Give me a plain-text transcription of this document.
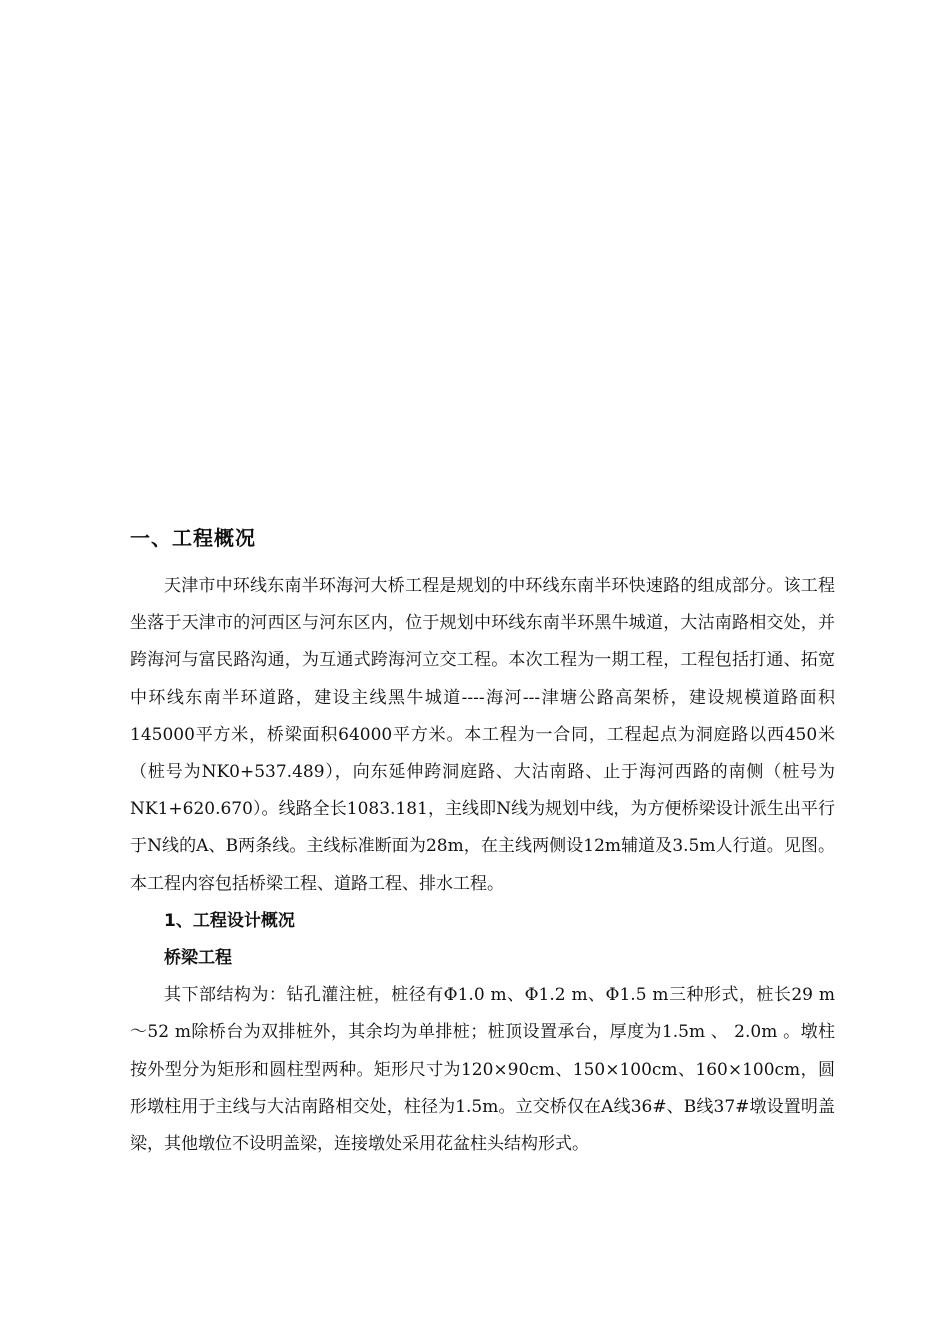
一、工程概况

天津市中环线东南半环海河大桥工程是规划的中环线东南半环快速路的组成部分。该工程坐落于天津市的河西区与河东区内，位于规划中环线东南半环黑牛城道，大沽南路相交处，并跨海河与富民路沟通，为互通式跨海河立交工程。本次工程为一期工程，工程包括打通、拓宽中环线东南半环道路，建设主线黑牛城道----海河---津塘公路高架桥，建设规模道路面积145000平方米，桥梁面积64000平方米。本工程为一合同，工程起点为洞庭路以西450米（桩号为NK0+537.489），向东延伸跨洞庭路、大沽南路、止于海河西路的南侧（桩号为NK1+620.670）。线路全长1083.181，主线即N线为规划中线，为方便桥梁设计派生出平行于N线的A、B两条线。主线标准断面为28m，在主线两侧设12m辅道及3.5m人行道。见图。本工程内容包括桥梁工程、道路工程、排水工程。

1、工程设计概况

桥梁工程

其下部结构为：钻孔灌注桩，桩径有Φ1.0 m、Φ1.2 m、Φ1.5 m三种形式，桩长29 m～52 m除桥台为双排桩外，其余均为单排桩；桩顶设置承台，厚度为1.5m 、 2.0m 。墩柱按外型分为矩形和圆柱型两种。矩形尺寸为120×90cm、150×100cm、160×100cm，圆形墩柱用于主线与大沽南路相交处，柱径为1.5m。立交桥仅在A线36#、B线37#墩设置明盖梁，其他墩位不设明盖梁，连接墩处采用花盆柱头结构形式。
